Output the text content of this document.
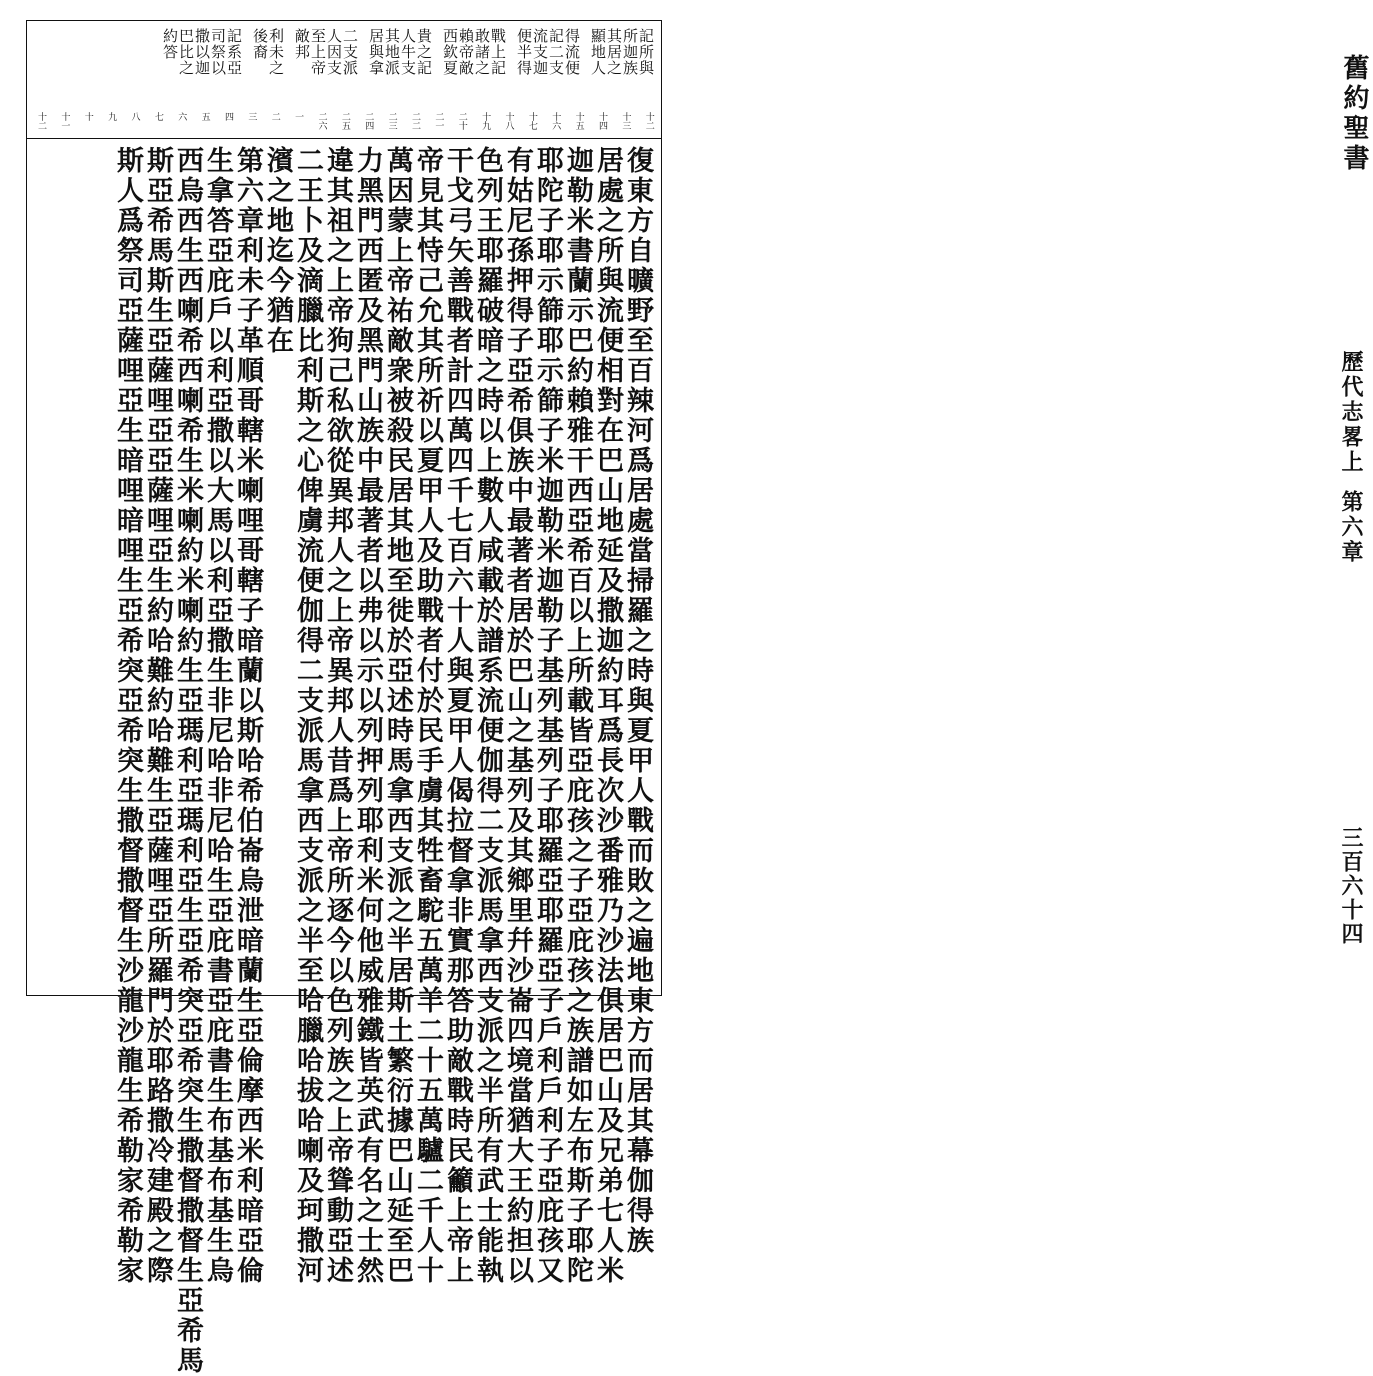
舊約聖書
歷代志畧上
第六章
三百六十四
記所與
所迦族
其居之
顯地人
得流便
記二支
流支迦
便半得
戰上記
敢諸之
賴帝敵
西欽夏
貴之記
人牛支
其地派
居與拿
二支派
人因支
至上帝
敵邦
利未之
後裔
記系亞
司祭以
撒以迦
巴比之
約答
十二
十三
十四
十五
十六
十七
十八
十九
二十
二一
二二
二三
二四
二五
二六
一
二
三
四
五
六
七
八
九
十
十一
十二
復東方自曠野至百辣河爲居處當掃羅之時與夏甲人戰而敗之遍地東方而居其幕伽得族
居處之所與流便相對在巴山地延及撒迦約耳爲長次沙番雅乃沙法俱居巴山及兄弟七人米
迦勒米書蘭示巴約賴雅干西亞希百以上所載皆亞庇孩之子亞庇孩之族譜如左布斯子耶陀
耶陀子耶示篩耶示篩子米迦勒米迦勒子基列基列子耶羅亞耶羅亞子戶利戶利子亞庇孩又
有姑尼孫押得子亞希俱族中最著者居於巴山之基列及其鄉里幷沙崙四境當猶大王約担以
色列王耶羅破暗之時以上數人咸載於譜系流便伽得二支派馬拿西支派之半所有武士能執
干戈弓矢善戰者計四萬四千七百六十人與夏甲人偈拉督拿非實那答助敵戰時民籲上帝上
帝見其恃己允其所祈以夏甲人及助戰者付於民手虜其牲畜駝五萬羊二十五萬驢二千人十
萬因蒙上帝祐敵衆被殺民居其地至徙於亞述時馬拿西支派之半居斯土繁衍據巴山延至巴
力黑門西匿及黑門山族中最著者以弗以示以列押列耶利米何他威雅鐵皆英武有名之士然
違其祖之上帝狗己私欲從異邦人之上帝異邦人昔爲上帝所逐今以色列族之上帝聳動亞述
二王卜及滴臘比利斯之心俾虜流便伽得二支派馬拿西支派之半至哈臘哈拔哈喇及珂撒河
濱之地迄今猶在
第六章利未子革順哥轄米喇哩哥轄子暗蘭以斯哈希伯崙烏泄暗蘭生亞倫摩西米利暗亞倫
生拿答亞庇戶以利亞撒以大馬以利亞撒生非尼哈非尼哈生亞庇書亞庇書生布基布基生烏
西烏西生西喇希西喇希生米喇約米喇約生亞瑪利亞瑪利亞生亞希突亞希突生撒督撒督生亞希馬
斯亞希馬斯生亞薩哩亞亞薩哩亞生約哈難約哈難生亞薩哩亞所羅門於耶路撒冷建殿之際
斯人爲祭司亞薩哩亞生暗哩暗哩生亞希突亞希突生撒督撒督生沙龍沙龍生希勒家希勒家
